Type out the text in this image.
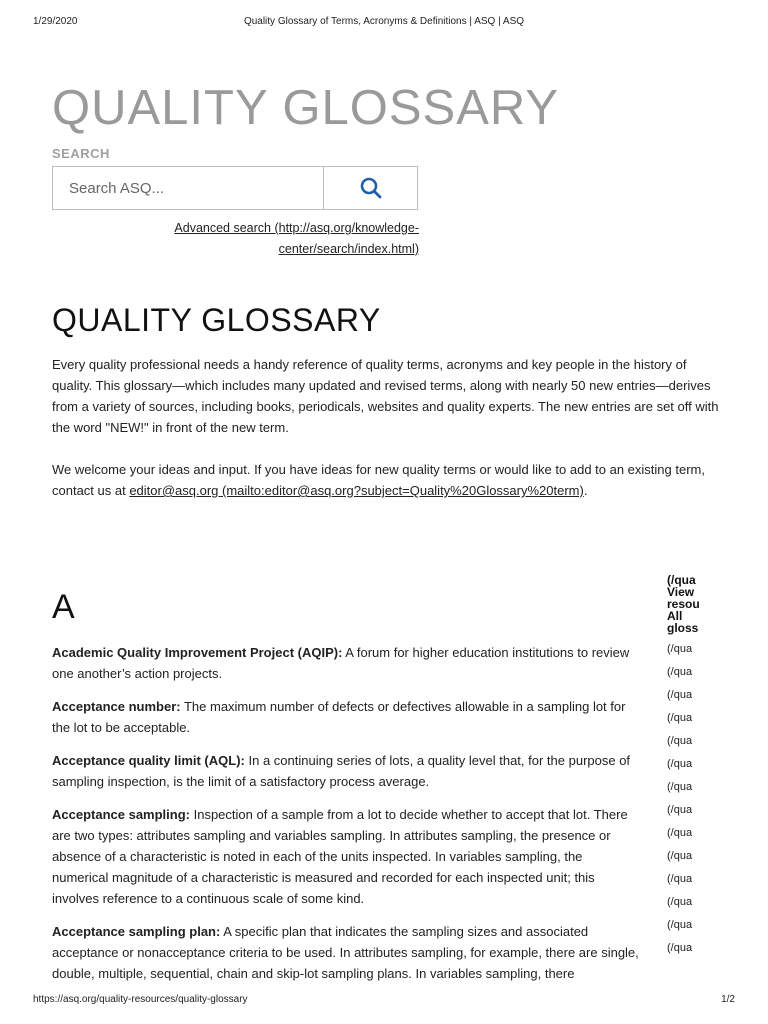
1/29/2020	Quality Glossary of Terms, Acronyms & Definitions | ASQ | ASQ
QUALITY GLOSSARY
SEARCH
Search ASQ...
Advanced search (http://asq.org/knowledge-
center/search/index.html)
QUALITY GLOSSARY

Every quality professional needs a handy reference of quality terms, acronyms and key people in the history of quality. This glossary—which includes many updated and revised terms, along with nearly 50 new entries—derives from a variety of sources, including books, periodicals, websites and quality experts. The new entries are set off with the word "NEW!" in front of the new term.

We welcome your ideas and input. If you have ideas for new quality terms or would like to add to an existing term, contact us at editor@asq.org (mailto:editor@asq.org?subject=Quality%20Glossary%20term).

A
(/qua View resou All gloss
(/qua
(/qua
(/qua
(/qua
(/qua
(/qua
(/qua
(/qua
(/qua
(/qua
(/qua
(/qua
(/qua
(/qua

Academic Quality Improvement Project (AQIP): A forum for higher education institutions to review one another’s action projects.

Acceptance number: The maximum number of defects or defectives allowable in a sampling lot for the lot to be acceptable.

Acceptance quality limit (AQL): In a continuing series of lots, a quality level that, for the purpose of sampling inspection, is the limit of a satisfactory process average.

Acceptance sampling: Inspection of a sample from a lot to decide whether to accept that lot. There are two types: attributes sampling and variables sampling. In attributes sampling, the presence or absence of a characteristic is noted in each of the units inspected. In variables sampling, the numerical magnitude of a characteristic is measured and recorded for each inspected unit; this involves reference to a continuous scale of some kind.

Acceptance sampling plan: A specific plan that indicates the sampling sizes and associated acceptance or nonacceptance criteria to be used. In attributes sampling, for example, there are single, double, multiple, sequential, chain and skip-lot sampling plans. In variables sampling, there

https://asq.org/quality-resources/quality-glossary	1/2
